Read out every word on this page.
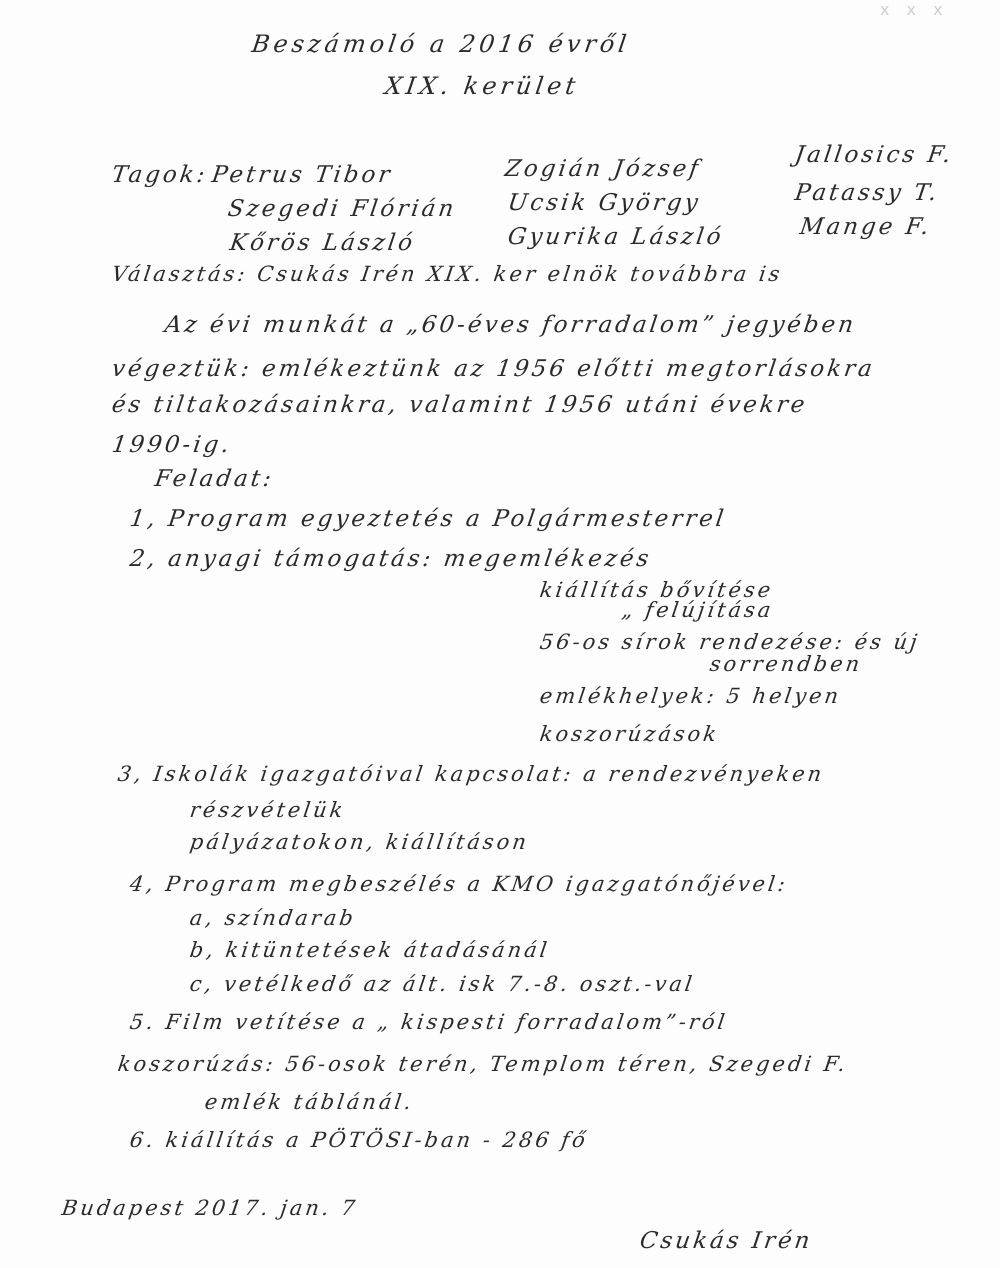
x x x
Beszámoló a 2016 évről
XIX. kerület
Tagok: Petrus Tibor
Szegedi Flórián
Kőrös László
Zogián József
Ucsik György
Gyurika László
Jallosics F.
Patassy T.
Mange F.
Választás: Csukás Irén XIX. ker elnök továbbra is
Az évi munkát a „60-éves forradalom” jegyében
végeztük: emlékeztünk az 1956 előtti megtorlásokra
és tiltakozásainkra, valamint 1956 utáni évekre
1990-ig.
Feladat:
1, Program egyeztetés a Polgármesterrel
2, anyagi támogatás: megemlékezés
kiállítás bővítése
„ felújítása
56-os sírok rendezése: és új
sorrendben
emlékhelyek: 5 helyen
koszorúzások
3, Iskolák igazgatóival kapcsolat: a rendezvényeken
részvételük
pályázatokon, kiállításon
4, Program megbeszélés a KMO igazgatónőjével:
a, színdarab
b, kitüntetések átadásánál
c, vetélkedő az ált. isk 7.-8. oszt.-val
5. Film vetítése a „ kispesti forradalom”-ról
koszorúzás: 56-osok terén, Templom téren, Szegedi F.
emlék táblánál.
6. kiállítás a PÖTÖSI-ban - 286 fő
Budapest 2017. jan. 7
Csukás Irén
